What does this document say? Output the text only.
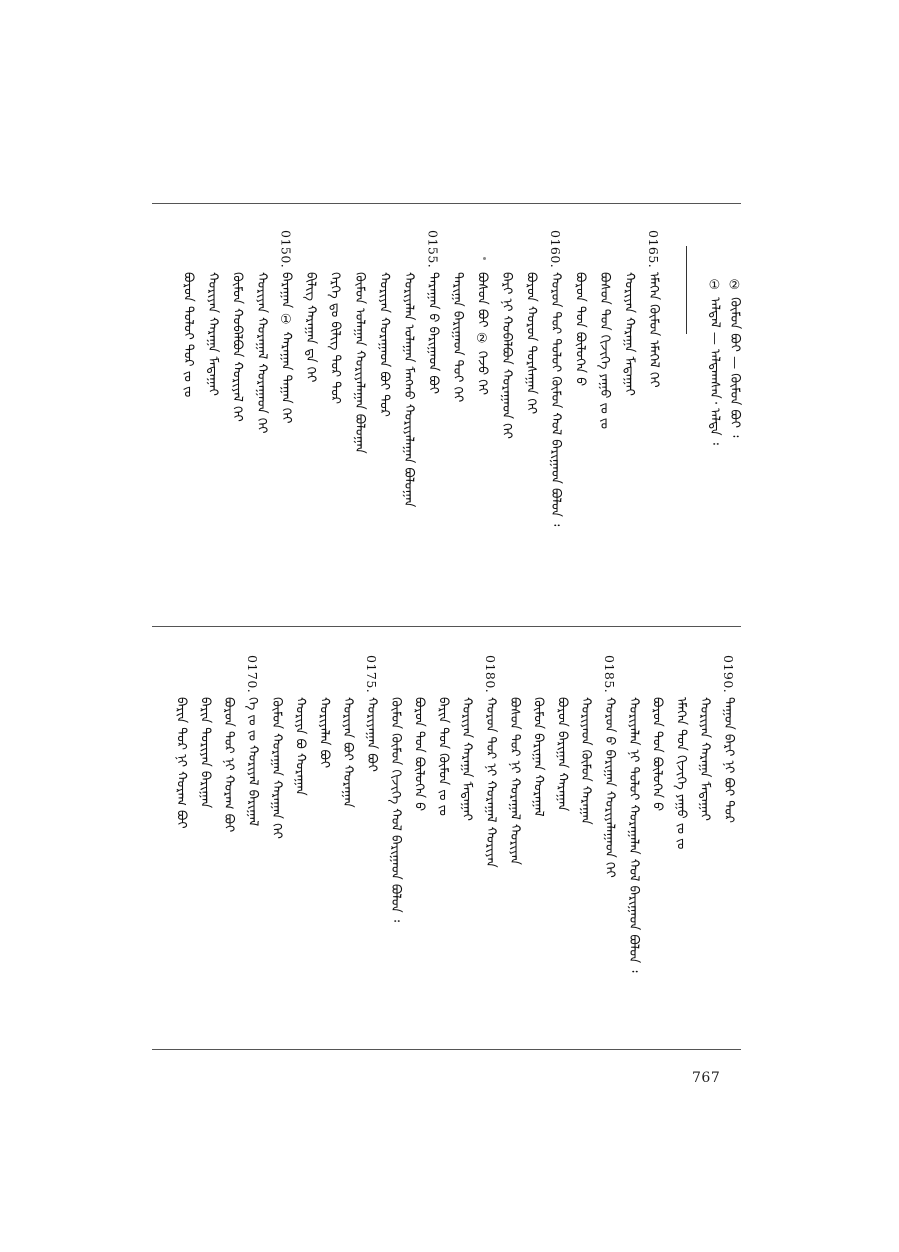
① ᠠᠯᠳᠠᠯ — ᠠᠯᠳᠠᠭᠰᠠᠨ᠂ ᠠᠯᠳᠠ ᠄
② ᠬᠦᠮᠦᠨ ᠪᠣᠢ — ᠬᠦᠮᠦᠨ ᠪᠣᠢ ᠄
0165.ᠡᠮᠡᠭᠡᠨ ᠬᠦᠮᠦᠨ ᠡᠮᠡᠭᠡᠯ ᠬᠡᠢ
ᠬᠤᠷᠢᠶᠠᠨ ᠬᠠᠷᠠᠭᠠ ᠮᠠᠲᠠᠭᠠᠢ
ᠪᠤᠰᠤᠨ ᠳᠤᠨ ᠬᠢᠵᠢᠭᠡ ᠶᠠᠭᠤ ᠵᠤ ᠵᠤ
ᠪᠤᠷᠤᠨ ᠳᠤᠨ ᠪᠦᠯᠦᠭᠡᠨ ᠪ
0160.ᠬᠤᠷᠤᠨ ᠳᠤᠷ ᠳᠤᠯᠤᠢ ᠬᠦᠮᠦᠨ ᠬᠤᠯ ᠪᠠᠷᠢᠭᠠᠳ ᠪᠣᠯᠣᠨ ᠄
ᠪᠤᠷᠤᠨ ᠬᠤᠷᠤᠨ ᠲᠤᠷᠰᠠᠭᠠᠨ ᠬᠡᠢ
ᠪᠠᠷᠢ ᠨᠢ ᠬᠤᠪᠠᠯᠪᠣᠨ ᠬᠤᠷᠠᠭᠠᠳ ᠬᠡᠢ
ᠪᠤᠰᠤᠨ ᠪᠣᠢ ② ᠭᠡᠵᠦ ᠬᠡᠢ
ᠲᠠᠷᠢᠭᠠ ᠪᠠᠷᠢᠭᠠᠳ ᠳᠤᠢ ᠬᠡᠢ
0155.ᠲᠠᠷᠠᠭᠠᠨ ᠪ ᠪᠠᠷᠢᠭᠠᠳ ᠪᠣᠢ
ᠬᠤᠷᠢᠶᠠᠯᠠᠨ ᠤᠯᠠᠭᠠᠨ ᠮᠠᠩᠬᠤ ᠬᠤᠷᠢᠶᠠᠯᠠᠭᠠᠨ ᠪᠣᠯᠣᠭᠠᠨ
ᠬᠤᠷᠢᠶᠠᠨ ᠬᠤᠷᠠᠭᠠᠳ ᠪᠣᠢ ᠳᠤᠷ
ᠬᠦᠮᠦᠨ ᠤᠯᠠᠭᠠᠨ ᠬᠤᠷᠢᠶᠠᠯᠠᠭᠠᠨ ᠪᠣᠯᠣᠭᠠᠨ
ᠬᠡᠷᠭᠡ ᠳᠤ ᠪᠢᠯᠢᠭ ᠳᠤᠷ ᠳᠤᠷ
ᠪᠢᠯᠢᠭ ᠬᠠᠷᠠᠭᠠᠨ ᠳᠠ ᠬᠡᠢ
0150.ᠪᠠᠷᠠᠭᠠᠨ ① ᠬᠠᠷᠠᠭᠠᠨ ᠳᠠᠭᠠᠨ ᠬᠡᠢ
ᠬᠤᠷᠢᠶᠠᠨ ᠬᠤᠷᠠᠭᠠᠯ ᠬᠤᠷᠠᠭᠠᠳ ᠬᠡᠢ
ᠬᠦᠮᠦᠨ ᠬᠤᠪᠠᠯᠪᠣᠨ ᠬᠤᠷᠢᠶᠠᠯ ᠬᠡᠢ
ᠬᠤᠷᠢᠶᠠᠨ ᠬᠠᠷᠠᠭᠠ ᠮᠠᠲᠠᠭᠠᠢ
ᠪᠤᠷᠤᠨ ᠳᠤᠯᠤᠢ ᠳᠤᠷ ᠵᠤ ᠵᠤ
0190.ᠳᠠᠭᠤᠨ ᠪᠠᠷᠢ ᠨᠢ ᠪᠣᠢ ᠳᠤᠷ
ᠬᠤᠷᠢᠶᠠᠨ ᠬᠠᠷᠠᠭᠠ ᠮᠠᠲᠠᠭᠠᠢ
ᠡᠮᠡᠭᠡᠨ ᠳᠤᠨ ᠬᠢᠵᠢᠭᠡ ᠶᠠᠭᠤ ᠵᠤ ᠵᠤ
ᠪᠤᠷᠤᠨ ᠳᠤᠨ ᠪᠦᠯᠦᠭᠡᠨ ᠪ
ᠬᠤᠷᠢᠶᠠᠯᠠᠨ ᠨᠢ ᠳᠤᠯᠤᠢ ᠬᠤᠷᠠᠭᠠᠯᠠᠨ ᠬᠤᠯ ᠪᠠᠷᠢᠭᠠᠳ ᠪᠣᠯᠣᠨ ᠄
0185.ᠬᠤᠷᠤᠨ ᠪ ᠪᠠᠷᠢᠭᠠᠨ ᠬᠤᠷᠢᠶᠠᠯᠠᠭᠠᠳ ᠬᠡᠢ
ᠬᠤᠷᠢᠶᠠᠳ ᠬᠦᠮᠦᠨ ᠬᠠᠷᠠᠭᠠᠨ
ᠪᠤᠷᠤᠨ ᠪᠠᠷᠢᠭᠠᠨ ᠬᠠᠷᠠᠭᠠᠨ
ᠬᠦᠮᠦᠨ ᠪᠠᠷᠢᠭᠠᠨ ᠬᠤᠷᠠᠭᠠᠯ
ᠪᠤᠰᠤᠨ ᠳᠤᠷ ᠨᠢ ᠬᠤᠷᠠᠭᠠᠯ ᠬᠤᠷᠢᠶᠠᠨ
0180.ᠬᠤᠷᠤᠨ ᠳᠤᠷ ᠨᠢ ᠬᠤᠷᠠᠭᠠᠯ ᠬᠤᠷᠢᠶᠠᠨ
ᠬᠤᠷᠢᠶᠠᠨ ᠬᠠᠷᠠᠭᠠ ᠮᠠᠲᠠᠭᠠᠢ
ᠪᠠᠷᠢᠨ ᠳᠤᠨ ᠬᠦᠮᠦᠨ ᠵᠤ ᠵᠤ
ᠪᠤᠷᠤᠨ ᠳᠤᠨ ᠪᠦᠯᠦᠭᠡᠨ ᠪ
ᠬᠦᠮᠦᠨ ᠬᠦᠮᠦᠨ ᠬᠢᠵᠢᠭᠡ ᠬᠤᠯ ᠪᠠᠷᠢᠭᠠᠳ ᠪᠣᠯᠣᠨ ᠄
0175.ᠬᠤᠷᠢᠶᠠᠭᠠᠨ ᠪᠣᠢ
ᠬᠤᠷᠢᠶᠠᠨ ᠪᠣᠢ ᠬᠤᠷᠠᠭᠠᠨ
ᠬᠤᠷᠢᠶᠠᠯᠠᠨ ᠪᠣᠢ
ᠬᠤᠷᠢᠶᠠ ᠪᠣ ᠬᠤᠷᠠᠭᠠᠨ
ᠬᠦᠮᠦᠨ ᠬᠤᠷᠠᠭᠠᠨ ᠬᠠᠷᠠᠭᠠᠨ ᠬᠡᠢ
0170.ᠬᠡ ᠵᠤ ᠵᠤ ᠬᠤᠷᠢᠶᠠᠯ ᠪᠠᠷᠢᠭᠠᠯ
ᠪᠤᠷᠤᠨ ᠳᠤᠷ ᠨᠢ ᠬᠤᠷᠠᠭ ᠪᠣᠢ
ᠪᠠᠷᠢᠨ ᠳᠤᠷᠢᠶᠠᠨ ᠪᠠᠷᠢᠭᠠᠨ
ᠪᠠᠷᠢᠨ ᠳᠤᠷ ᠨᠢ ᠬᠤᠷᠠᠭ ᠪᠣᠢ
767
